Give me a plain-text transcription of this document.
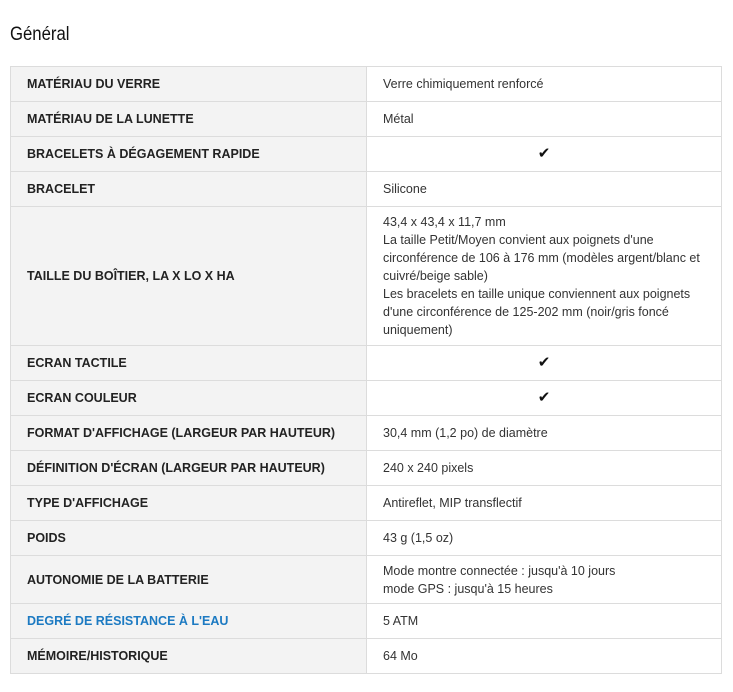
Général
MATÉRIAU DU VERRE	Verre chimiquement renforcé
MATÉRIAU DE LA LUNETTE	Métal
BRACELETS À DÉGAGEMENT RAPIDE	✔
BRACELET	Silicone
TAILLE DU BOÎTIER, LA X LO X HA	43,4 x 43,4 x 11,7 mm
La taille Petit/Moyen convient aux poignets d'une circonférence de 106 à 176 mm (modèles argent/blanc et cuivré/beige sable)
Les bracelets en taille unique conviennent aux poignets d'une circonférence de 125-202 mm (noir/gris foncé uniquement)

ECRAN TACTILE	✔
ECRAN COULEUR	✔
FORMAT D'AFFICHAGE (LARGEUR PAR HAUTEUR)	30,4 mm (1,2 po) de diamètre
DÉFINITION D'ÉCRAN (LARGEUR PAR HAUTEUR)	240 x 240 pixels
TYPE D'AFFICHAGE	Antireflet, MIP transflectif
POIDS	43 g (1,5 oz)
AUTONOMIE DE LA BATTERIE	Mode montre connectée : jusqu'à 10 jours
mode GPS : jusqu'à 15 heures

DEGRÉ DE RÉSISTANCE À L'EAU	5 ATM
MÉMOIRE/HISTORIQUE	64 Mo
